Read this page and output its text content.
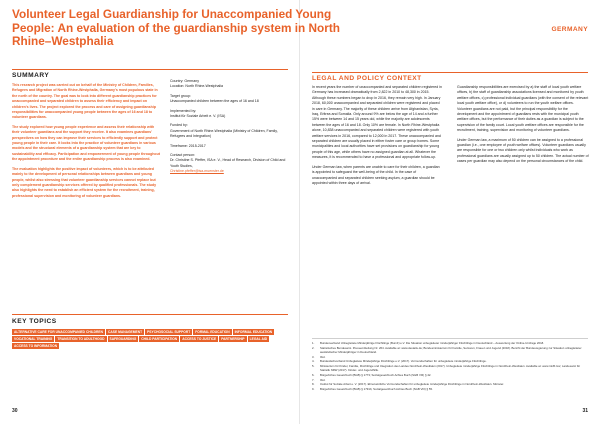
Volunteer Legal Guardianship for Unaccompanied Young People: An evaluation of the guardianship system in North Rhine–Westphalia
SUMMARY

This research project was carried out on behalf of the Ministry of Children, Families, Refugees and Migration of North Rhine-Westphalia, Germany's most populous state in the north of the country. The goal was to look into different guardianship practices for unaccompanied and separated children to assess their efficiency and impact on children's lives. The project explored the process and care of assigning guardianship responsibilities for unaccompanied young people between the ages of 16 and 18 to volunteer guardians.

The study explored how young people experience and assess their relationship with their volunteer guardians and the support they receive. It also examines guardians' perspectives on how they can improve their services to efficiently support and protect young people in their care. It looks into the practice of volunteer guardians in various models and the structural elements of a guardianship system that are key to sustainability and efficacy. Participation and empowerment of young people throughout the appointment procedure and the entire guardianship process is also examined.

The evaluation highlights the positive impact of volunteers, which is to be attributed mainly to the development of personal relationships between guardians and young people, whilst also stressing that volunteer guardianship services cannot replace but only complement guardianship services offered by qualified professionals. The study also highlights the need to establish an efficient system for the recruitment, training, professional supervision and monitoring of volunteer guardians.

Country: Germany
Location: North Rhine-Westphalia

Target group:
Unaccompanied children between the ages of 16 and 18

Implemented by:
Institut für Soziale Arbeit e. V. (ISA)

Funded by:
Government of North Rhine-Westphalia (Ministry of Children, Family, Refugees and Integration)

Timeframe: 2015-2017

Contact person:
Dr. Christine S. Pfeffer, ISA e. V., Head of Research, Division of Child and Youth Studies,
Christine.pfeffer@isa-muenster.de

KEY TOPICS
ALTERNATIVE CARE FOR UNACCOMPANIED CHILDREN	CASE MANAGEMENT	PSYCHOSOCIAL SUPPORT	FORMAL EDUCATION	INFORMAL EDUCATION
VOCATIONAL TRAINING	TRANSITION TO ADULTHOOD	SAFEGUARDING	CHILD PARTICIPATION	ACCESS TO JUSTICE	PARTNERSHIP	LEGAL AID
ACCESS TO INFORMATION
30
GERMANY
LEGAL AND POLICY CONTEXT

In recent years the number of unaccompanied and separated children registered in Germany has increased dramatically from 2,822 in 2010 to 48,300 in 2015. Although these numbers began to drop in 2016, they remain very high. In January 2018, 60,000 unaccompanied and separated children were registered and placed in care in Germany. The majority of these children arrive from Afghanistan, Syria, Iraq, Eritrea and Somalia. Only around 9% are below the age of 14 and a further 15% were between 14 and 15 years old, while the majority are adolescents between the ages of 16 and 18. Only 10% are female. In North Rhine-Westphalia alone, 10,838 unaccompanied and separated children were registered with youth welfare services in 2016, compared to 12,000 in 2017. These unaccompanied and separated children are usually placed in either foster care or group homes. Some municipalities and local authorities have set provisions on guardianship for young people of this age, while others have no assigned guardian at all. Whatever the measures, it is recommended to have a professional and appropriate follow-up.

Under German law, when parents are unable to care for their children, a guardian is appointed to safeguard the well-being of the child. In the case of unaccompanied and separated children seeking asylum, a guardian should be appointed within three days of arrival.

Guardianship responsibilities are exercised by a) the staff of local youth welfare offices, b) the staff of guardianship associations licensed and monitored by youth welfare offices, c) professional individual guardians (with the consent of the relevant local youth welfare office), or d) volunteers to run the youth welfare offices. Volunteer guardians are not paid, but the principal responsibility for the development and the appointment of guardians rests with the municipal youth welfare offices, but the performance of their duties as a guardian is subject to the supervision of the family court. Local youth welfare offices are responsible for the recruitment, training, supervision and monitoring of volunteer guardians.

Under German law, a maximum of 50 children can be assigned to a professional guardian (i.e., one employee of youth welfare offices). Volunteer guardians usually are responsible for one or two children only whilst individuals who work as professional guardians are usually assigned up to 50 children. The actual number of cases per guardian may also depend on the personal circumstances of the child.

1.	Bundesverband Unbegleitete Minderjährige Flüchtlinge (BumF) e.V. Die Situation unbegleiteter minderjähriger Flüchtlinge in Deutschland – Auswertung der Online-Umfrage 2018.
2.	Statistisches Bundesamt. Pressemitteilung Nr. 264. Available at: www.destatis.de; Bundesministerium für Familie, Senioren, Frauen und Jugend (2018). Bericht der Bundesregierung zur Situation unbegleiteter ausländischer Minderjähriger in Deutschland.
3.	Ibid.
4.	Bundesfachverband Unbegleitete Minderjährige Flüchtlinge e.V. (2017). Vormundschaften für unbegleitete minderjährige Flüchtlinge.
5.	Ministerium für Kinder, Familie, Flüchtlinge und Integration des Landes Nordrhein-Westfalen (2017). Unbegleitete minderjährige Flüchtlinge in Nordrhein-Westfalen. Available at: www.mkffi.nrw; Landesamt für Statistik NRW (2017). Kinder- und Jugendhilfe.
6.	Bürgerliches Gesetzbuch (BGB) § 1773; Sozialgesetzbuch Achtes Buch (SGB VIII) § 42.
7.	Ibid.
8.	Institut für Soziale Arbeit e. V. (2017). Ehrenamtliche Vormundschaften für unbegleitete minderjährige Flüchtlinge in Nordrhein-Westfalen. Münster.
9.	Bürgerliches Gesetzbuch (BGB) § 1791b; Sozialgesetzbuch Achtes Buch (SGB VIII) § 55.
31
